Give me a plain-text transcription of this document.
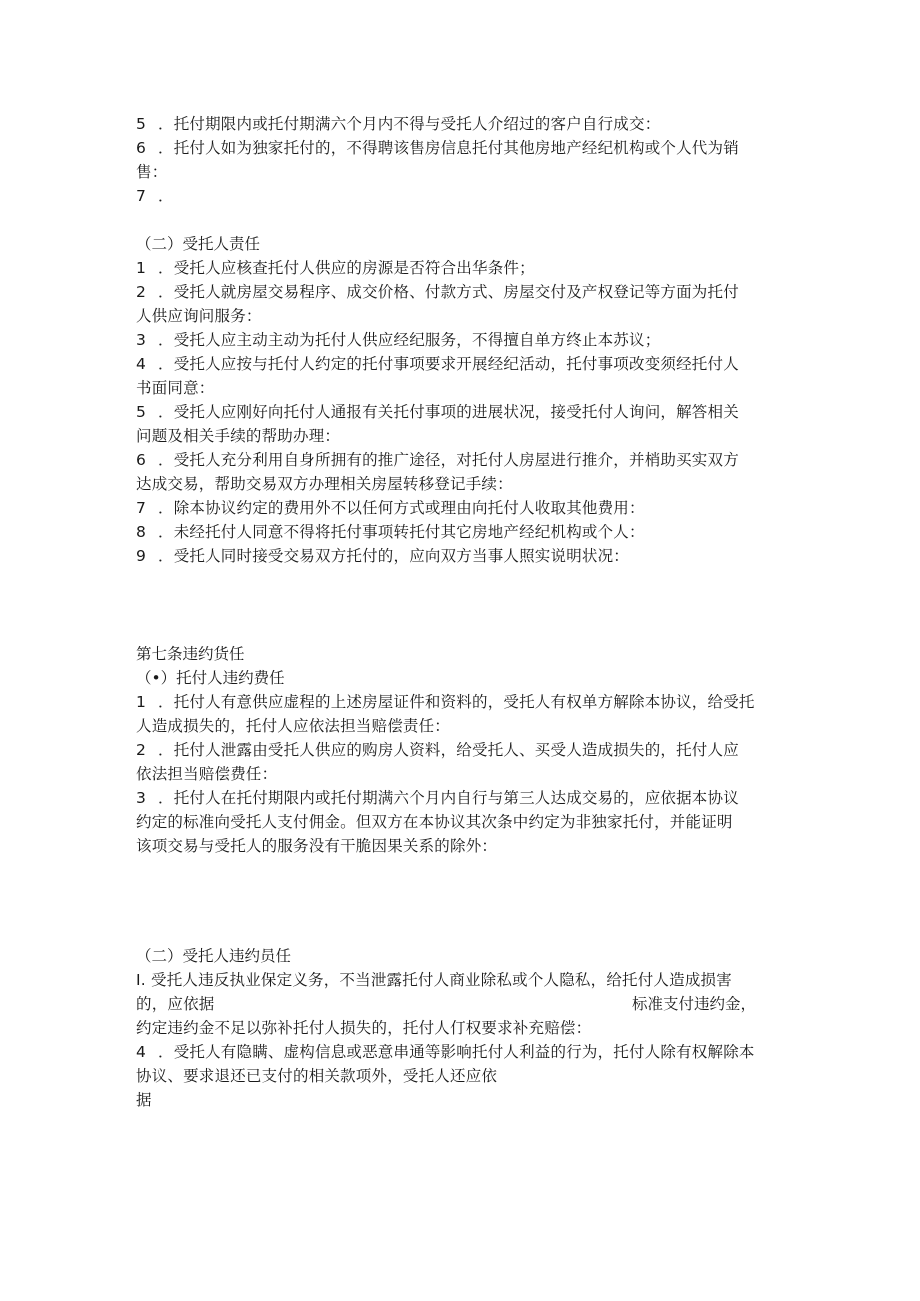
5 ．托付期限内或托付期满六个月内不得与受托人介绍过的客户自行成交：
6 ．托付人如为独家托付的，不得聘该售房信息托付其他房地产经纪机构或个人代为销
售：
7 ．
（二）受托人责任
1 ．受托人应核查托付人供应的房源是否符合出华条件；
2 ．受托人就房屋交易程序、成交价格、付款方式、房屋交付及产权登记等方面为托付
人供应询问服务：
3 ．受托人应主动主动为托付人供应经纪服务，不得擅自单方终止本苏议；
4 ．受托人应按与托付人约定的托付事项要求开展经纪活动，托付事项改变须经托付人
书面同意：
5 ．受托人应刚好向托付人通报有关托付事项的进展状况，接受托付人询问，解答相关
问题及相关手续的帮助办理：
6 ．受托人充分利用自身所拥有的推广途径，对托付人房屋进行推介，并梢助买实双方
达成交易，帮助交易双方办理相关房屋转移登记手续：
7 ．除本协议约定的费用外不以任何方式或理由向托付人收取其他费用：
8 ．未经托付人同意不得将托付事项转托付其它房地产经纪机构或个人：
9 ．受托人同时接受交易双方托付的，应向双方当事人照实说明状况：
第七条违约货任
（•）托付人违约费任
1 ．托付人有意供应虚程的上述房屋证件和资料的，受托人有权单方解除本协议，给受托
人造成损失的，托付人应依法担当赔偿责任：
2 ．托付人泄露由受托人供应的购房人资料，给受托人、买受人造成损失的，托付人应
依法担当赔偿费任：
3 ．托付人在托付期限内或托付期满六个月内自行与第三人达成交易的，应依据本协议
约定的标准向受托人支付佣金。但双方在本协议其次条中约定为非独家托付，并能证明
该项交易与受托人的服务没有干脆因果关系的除外：
（二）受托人违约员任
I. 受托人违反执业保定义务，不当泄露托付人商业除私或个人隐私，给托付人造成损害
的，应依据	标准支付违约金，
约定违约金不足以弥补托付人损失的，托付人仃权要求补充赔偿：
4 ．受托人有隐瞒、虚构信息或恶意串通等影响托付人利益的行为，托付人除有权解除本
协议、要求退还已支付的相关款项外，受托人还应依
据
